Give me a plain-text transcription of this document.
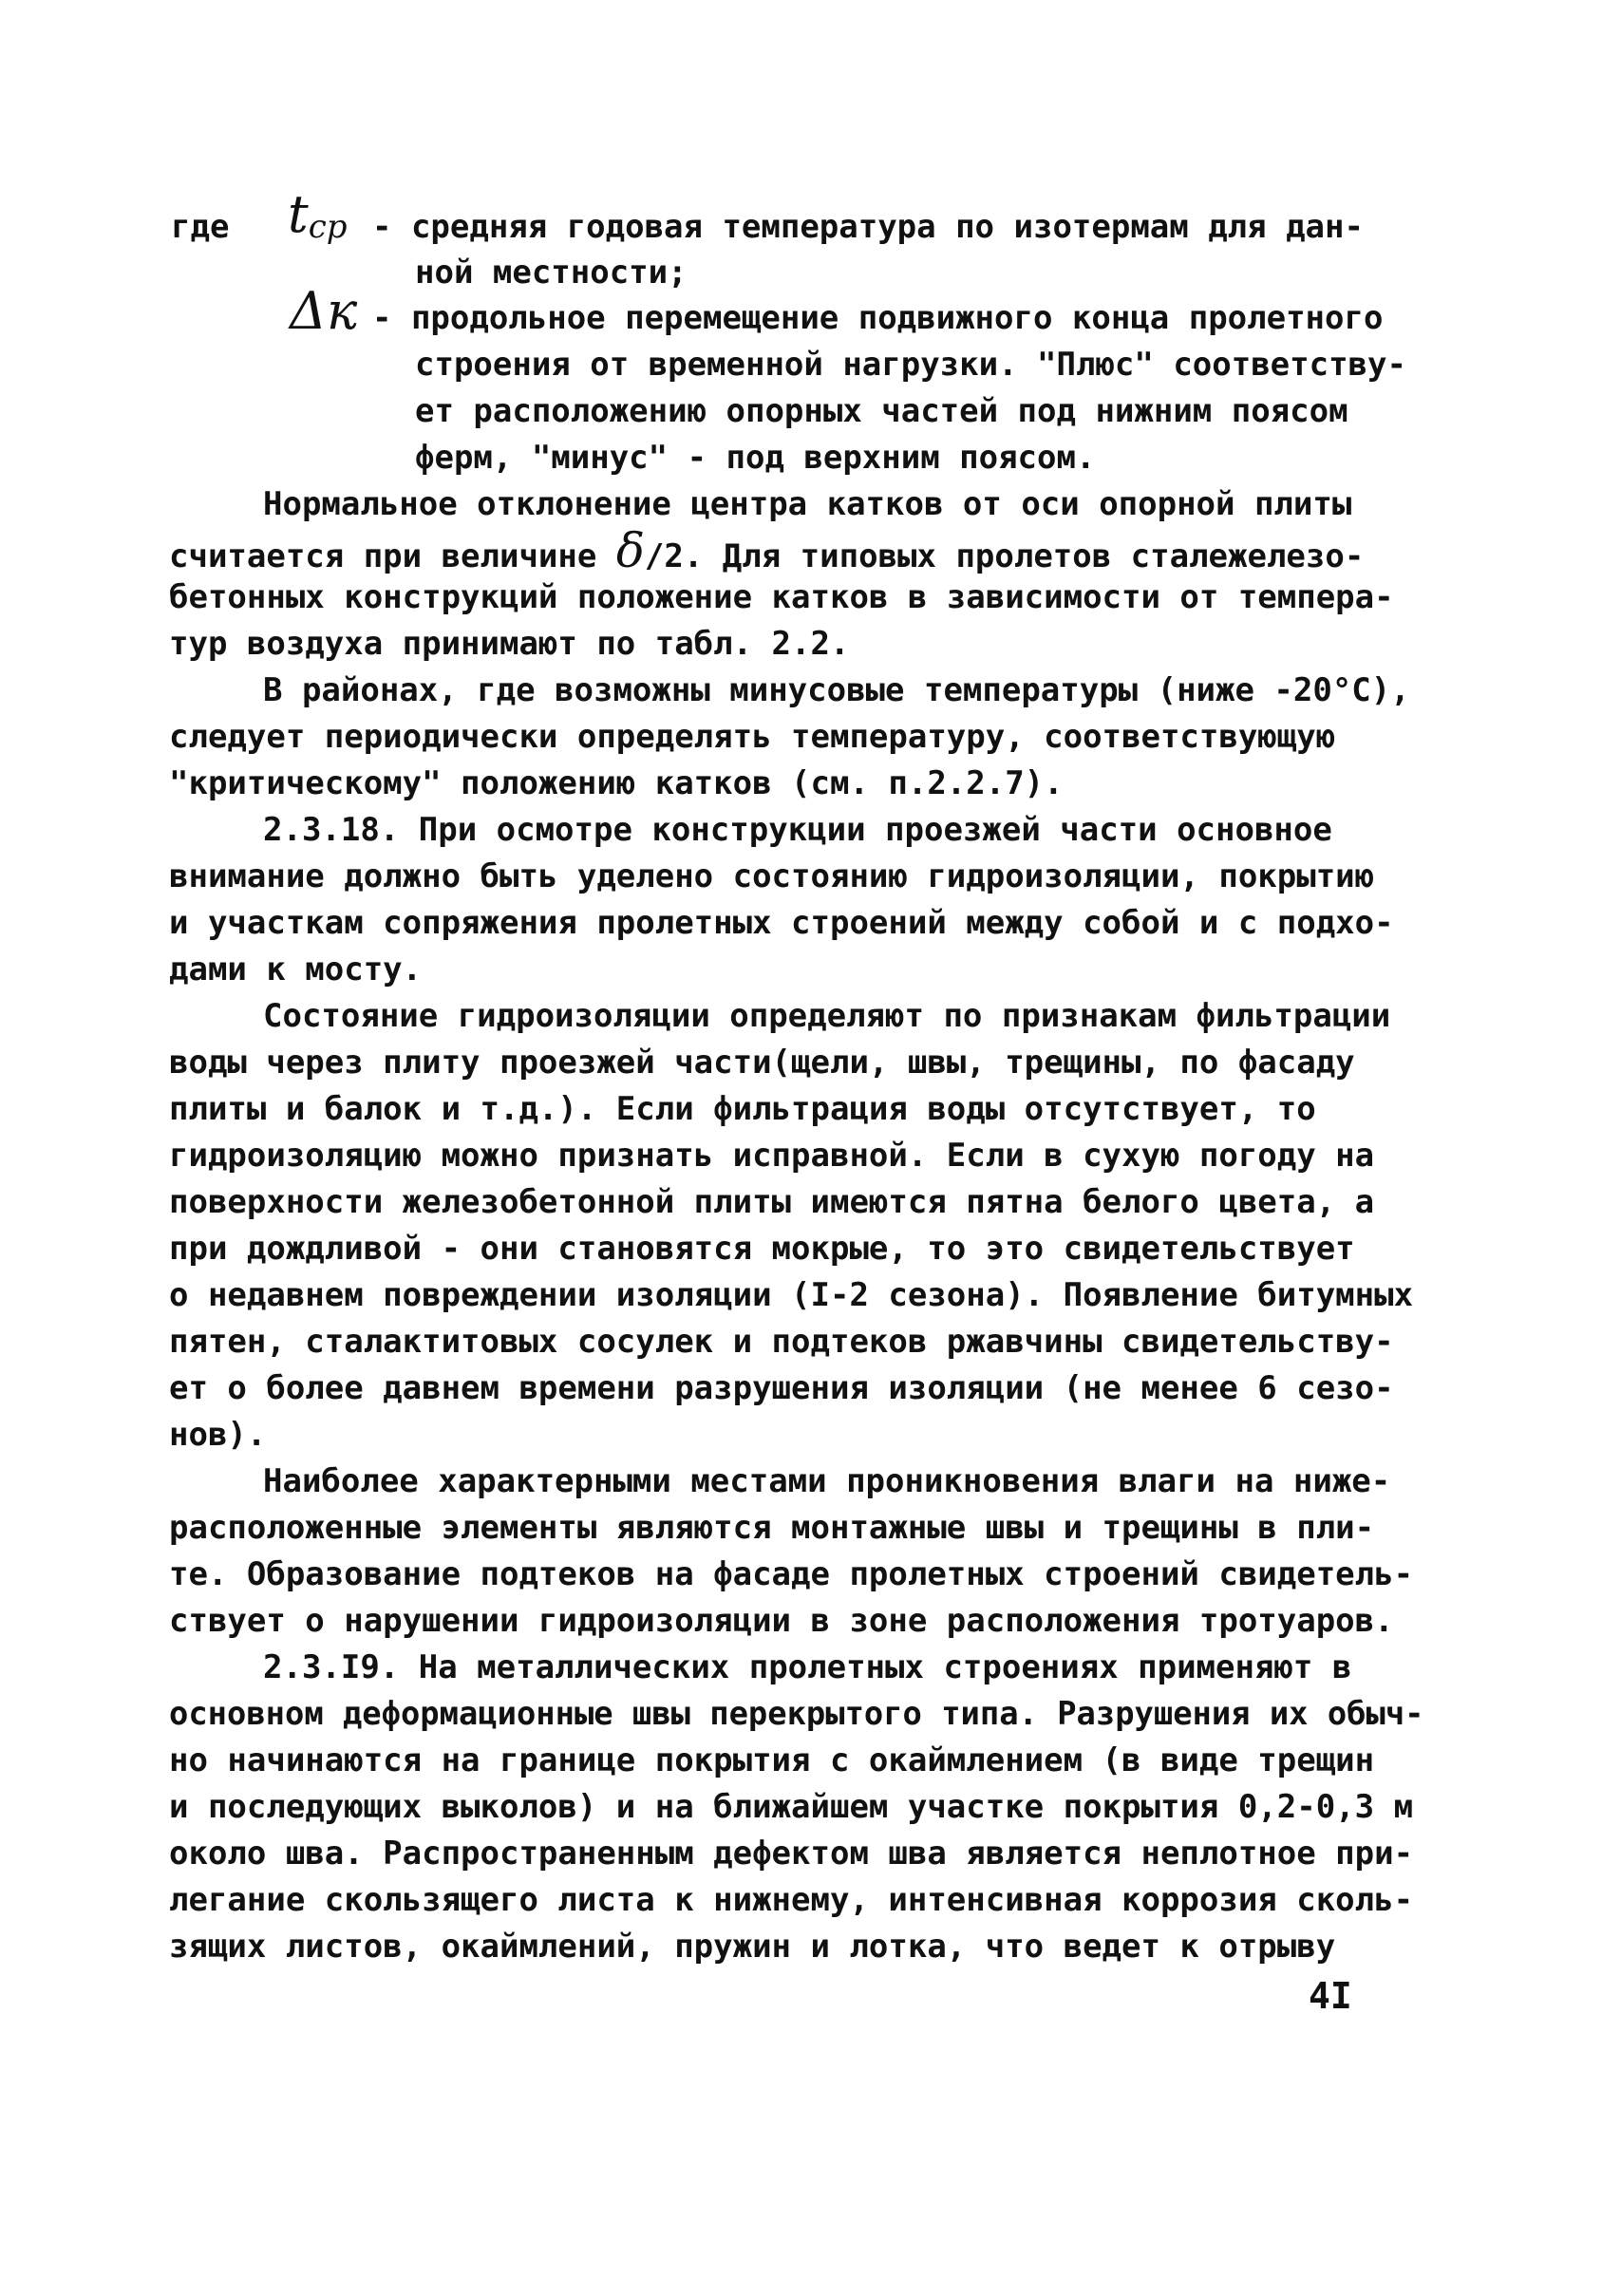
где $t_{ср}$ - средняя годовая температура по изотермам для дан-
ной местности;
Δк - продольное перемещение подвижного конца пролетного
строения от временной нагрузки. "Плюс" соответству-
ет расположению опорных частей под нижним поясом
ферм, "минус" - под верхним поясом.
Нормальное отклонение центра катков от оси опорной плиты
считается при величине δ/2. Для типовых пролетов сталежелезо-
бетонных конструкций положение катков в зависимости от темпера-
тур воздуха принимают по табл. 2.2.
В районах, где возможны минусовые температуры (ниже -20°С),
следует периодически определять температуру, соответствующую
"критическому" положению катков (см. п.2.2.7).
2.3.18. При осмотре конструкции проезжей части основное
внимание должно быть уделено состоянию гидроизоляции, покрытию
и участкам сопряжения пролетных строений между собой и с подхо-
дами к мосту.
Состояние гидроизоляции определяют по признакам фильтрации
воды через плиту проезжей части(щели, швы, трещины, по фасаду
плиты и балок и т.д.). Если фильтрация воды отсутствует, то
гидроизоляцию можно признать исправной. Если в сухую погоду на
поверхности железобетонной плиты имеются пятна белого цвета, а
при дождливой - они становятся мокрые, то это свидетельствует
о недавнем повреждении изоляции (I-2 сезона). Появление битумных
пятен, сталактитовых сосулек и подтеков ржавчины свидетельству-
ет о более давнем времени разрушения изоляции (не менее 6 сезо-
нов).
Наиболее характерными местами проникновения влаги на ниже-
расположенные элементы являются монтажные швы и трещины в пли-
те. Образование подтеков на фасаде пролетных строений свидетель-
ствует о нарушении гидроизоляции в зоне расположения тротуаров.
2.3.I9. На металлических пролетных строениях применяют в
основном деформационные швы перекрытого типа. Разрушения их обыч-
но начинаются на границе покрытия с окаймлением (в виде трещин
и последующих выколов) и на ближайшем участке покрытия 0,2-0,3 м
около шва. Распространенным дефектом шва является неплотное при-
легание скользящего листа к нижнему, интенсивная коррозия сколь-
зящих листов, окаймлений, пружин и лотка, что ведет к отрыву
4I
